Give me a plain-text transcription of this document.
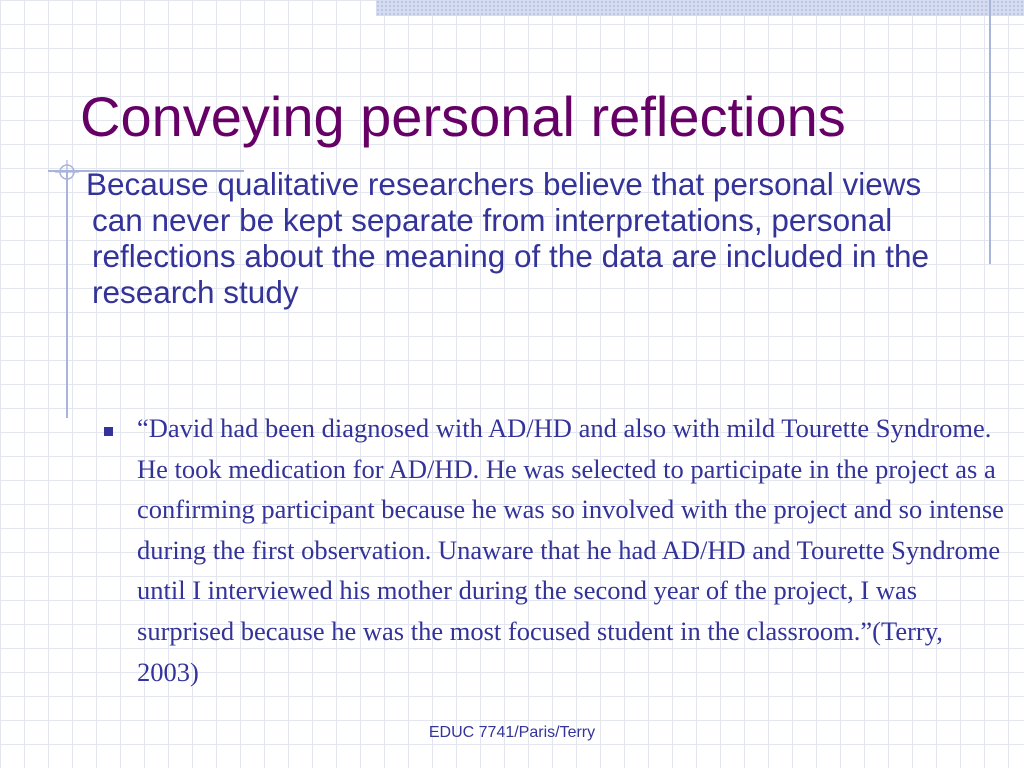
Conveying personal reflections
Because qualitative researchers believe that personal views can never be kept separate from interpretations, personal reflections about the meaning of the data are included in the research study
“David had been diagnosed with AD/HD and also with mild Tourette Syndrome. He took medication for AD/HD. He was selected to participate in the project as a confirming participant because he was so involved with the project and so intense during the first observation. Unaware that he had AD/HD and Tourette Syndrome until I interviewed his mother during the second year of the project, I was surprised because he was the most focused student in the classroom.”(Terry, 2003)
EDUC 7741/Paris/Terry
